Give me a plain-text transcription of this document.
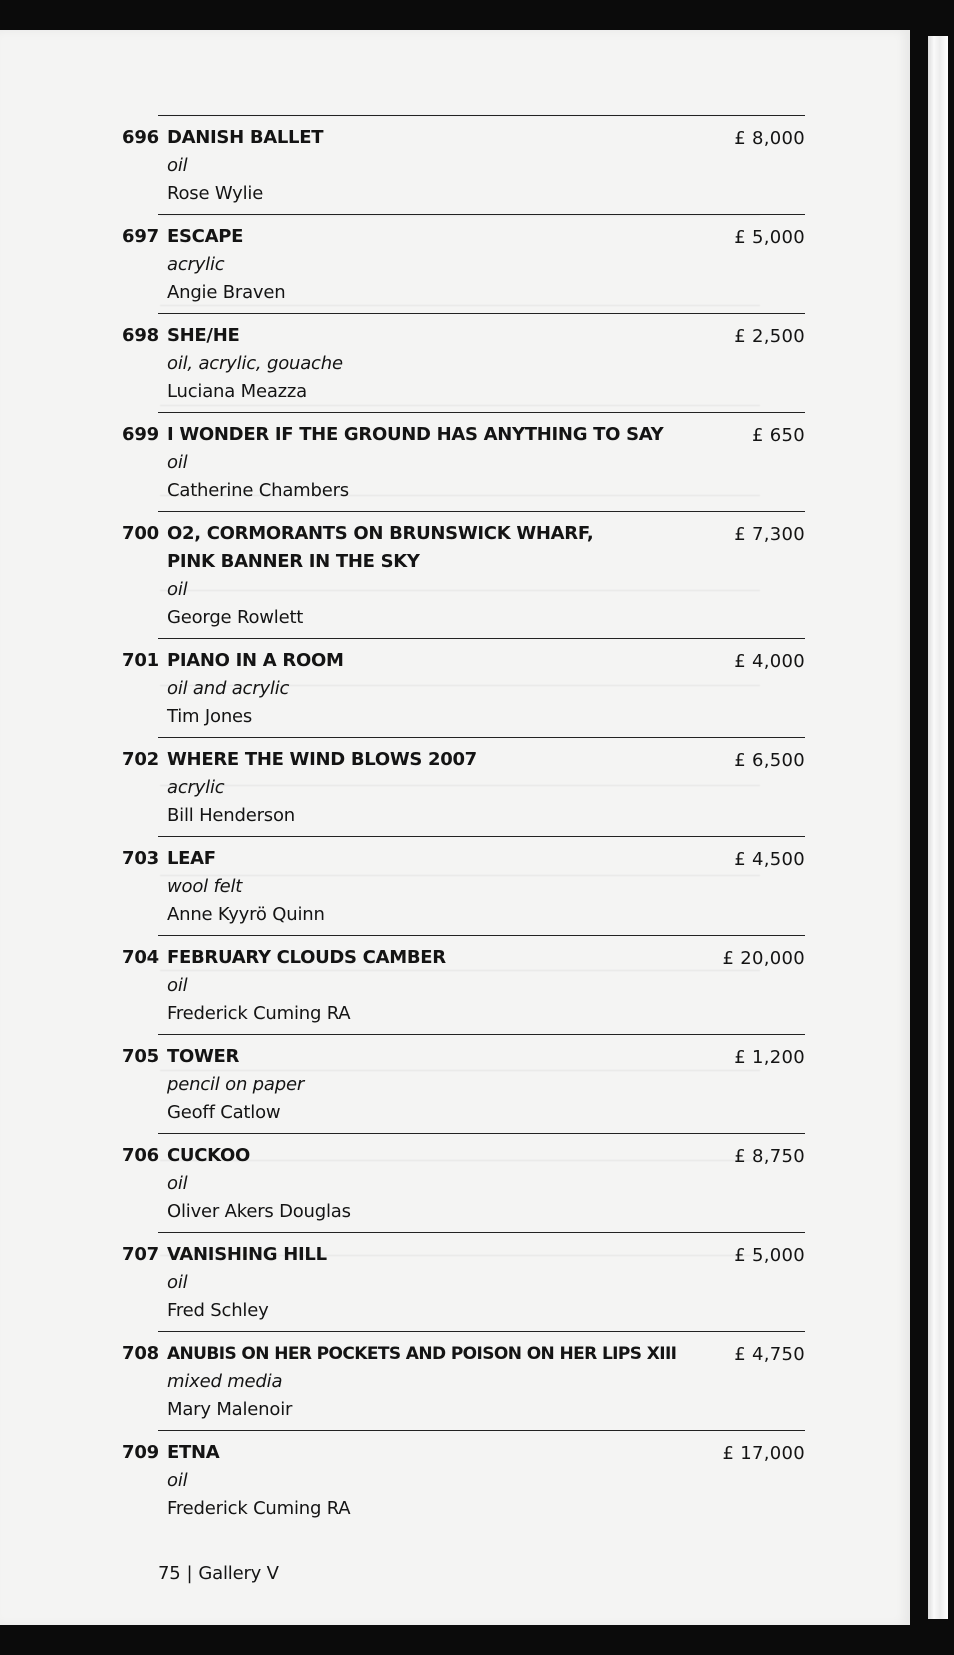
696 DANISH BALLET
oil
Rose Wylie
£ 8,000
697 ESCAPE
acrylic
Angie Braven
£ 5,000
698 SHE/HE
oil, acrylic, gouache
Luciana Meazza
£ 2,500
699 I WONDER IF THE GROUND HAS ANYTHING TO SAY
oil
Catherine Chambers
£ 650
700 O2, CORMORANTS ON BRUNSWICK WHARF, PINK BANNER IN THE SKY
oil
George Rowlett
£ 7,300
701 PIANO IN A ROOM
oil and acrylic
Tim Jones
£ 4,000
702 WHERE THE WIND BLOWS 2007
acrylic
Bill Henderson
£ 6,500
703 LEAF
wool felt
Anne Kyyrö Quinn
£ 4,500
704 FEBRUARY CLOUDS CAMBER
oil
Frederick Cuming RA
£ 20,000
705 TOWER
pencil on paper
Geoff Catlow
£ 1,200
706 CUCKOO
oil
Oliver Akers Douglas
£ 8,750
707 VANISHING HILL
oil
Fred Schley
£ 5,000
708 ANUBIS ON HER POCKETS AND POISON ON HER LIPS XIII
mixed media
Mary Malenoir
£ 4,750
709 ETNA
oil
Frederick Cuming RA
£ 17,000
75 | Gallery V
